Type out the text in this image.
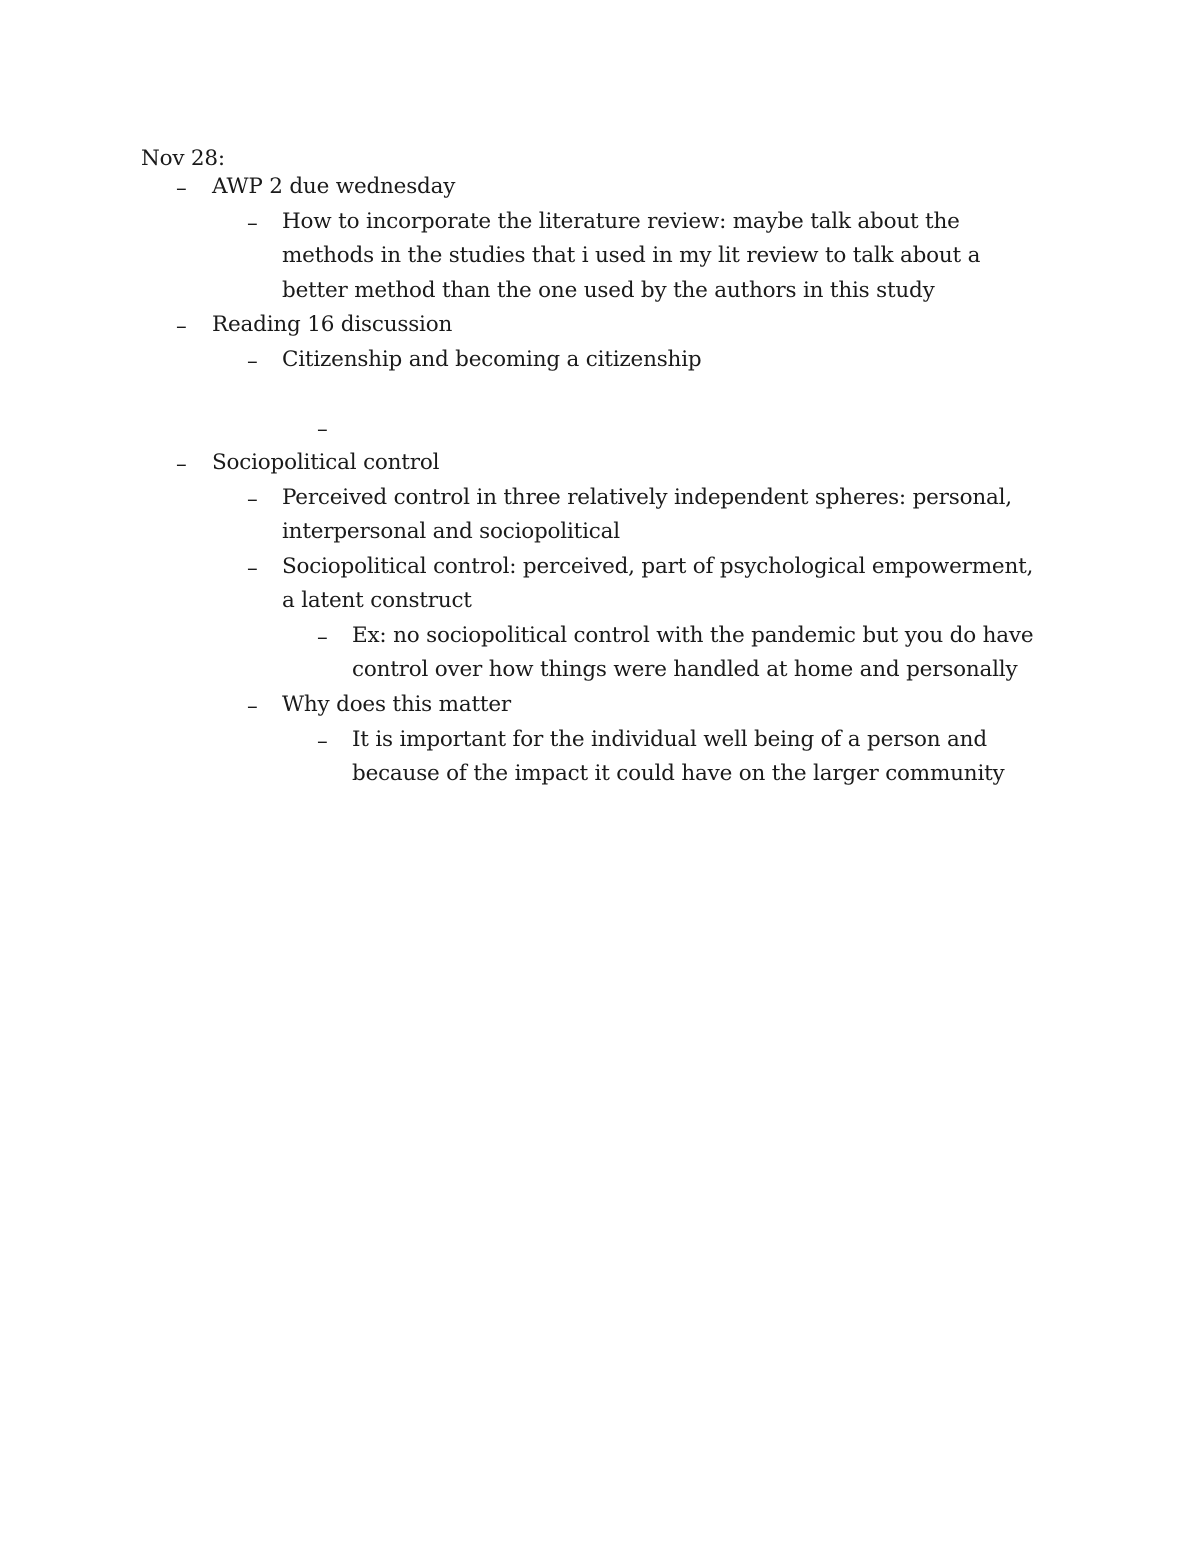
Nov 28:
– AWP 2 due wednesday
– How to incorporate the literature review: maybe talk about the
methods in the studies that i used in my lit review to talk about a
better method than the one used by the authors in this study
– Reading 16 discussion
– Citizenship and becoming a citizenship
–
– Sociopolitical control
– Perceived control in three relatively independent spheres: personal,
interpersonal and sociopolitical
– Sociopolitical control: perceived, part of psychological empowerment,
a latent construct
– Ex: no sociopolitical control with the pandemic but you do have
control over how things were handled at home and personally
– Why does this matter
– It is important for the individual well being of a person and
because of the impact it could have on the larger community
